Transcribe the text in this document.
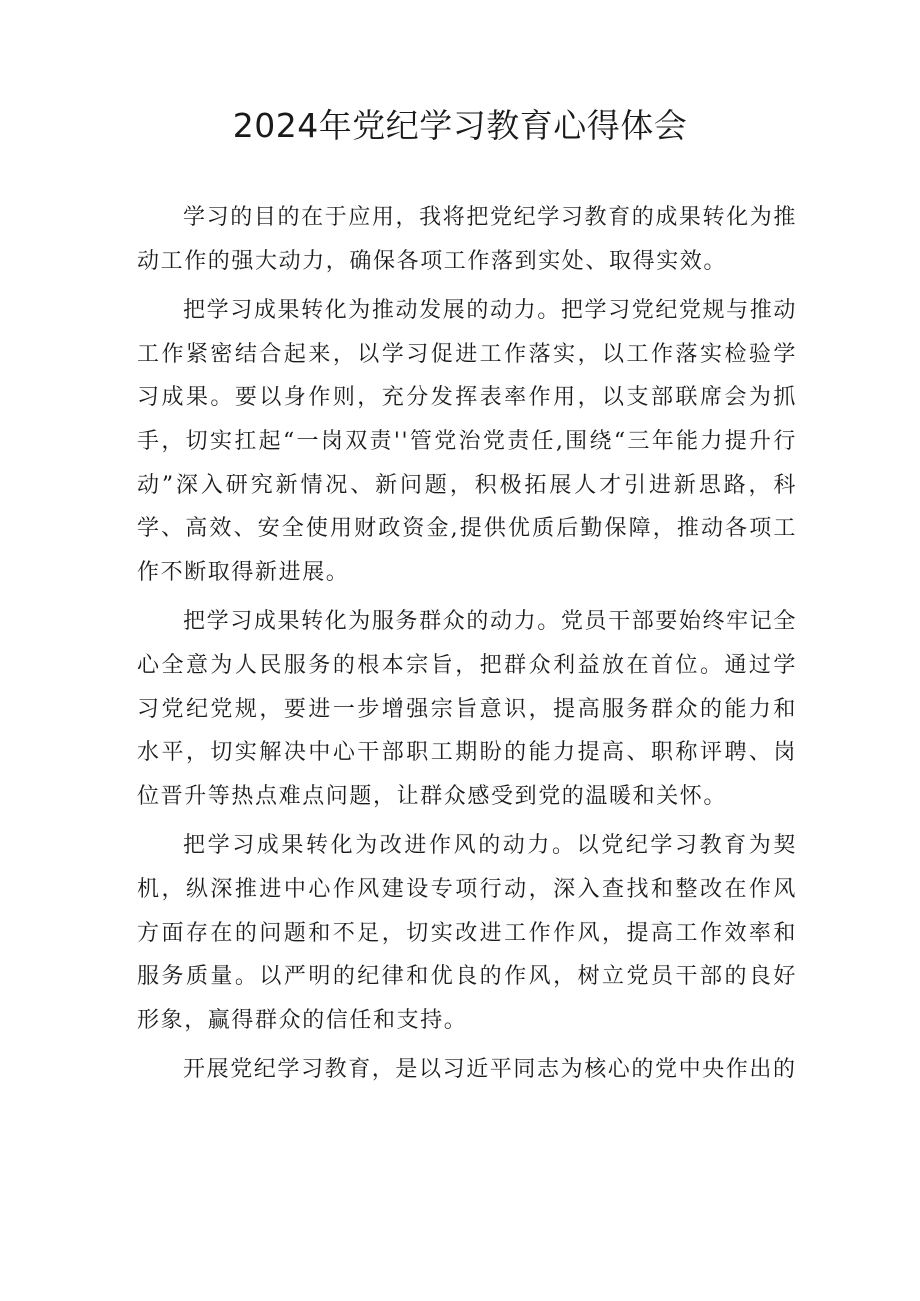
2024年党纪学习教育心得体会

学习的目的在于应用，我将把党纪学习教育的成果转化为推动工作的强大动力，确保各项工作落到实处、取得实效。

把学习成果转化为推动发展的动力。把学习党纪党规与推动工作紧密结合起来，以学习促进工作落实，以工作落实检验学习成果。要以身作则，充分发挥表率作用，以支部联席会为抓手，切实扛起“一岗双责''管党治党责任,围绕“三年能力提升行动”深入研究新情况、新问题，积极拓展人才引进新思路，科学、高效、安全使用财政资金,提供优质后勤保障，推动各项工作不断取得新进展。

把学习成果转化为服务群众的动力。党员干部要始终牢记全心全意为人民服务的根本宗旨，把群众利益放在首位。通过学习党纪党规，要进一步增强宗旨意识，提高服务群众的能力和水平，切实解决中心干部职工期盼的能力提高、职称评聘、岗位晋升等热点难点问题，让群众感受到党的温暖和关怀。

把学习成果转化为改进作风的动力。以党纪学习教育为契机，纵深推进中心作风建设专项行动，深入查找和整改在作风方面存在的问题和不足，切实改进工作作风，提高工作效率和服务质量。以严明的纪律和优良的作风，树立党员干部的良好形象，赢得群众的信任和支持。

开展党纪学习教育，是以习近平同志为核心的党中央作出的
